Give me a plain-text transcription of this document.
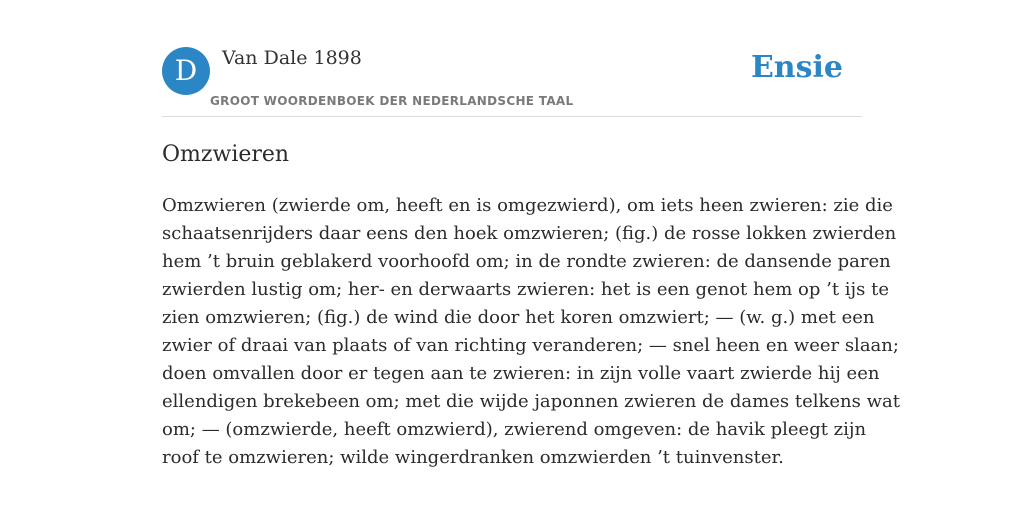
D	Van Dale 1898
GROOT WOORDENBOEK DER NEDERLANDSCHE TAAL
Ensie
Omzwieren
Omzwieren (zwierde om, heeft en is omgezwierd), om iets heen zwieren: zie die
schaatsenrijders daar eens den hoek omzwieren; (fig.) de rosse lokken zwierden
hem ’t bruin geblakerd voorhoofd om; in de rondte zwieren: de dansende paren
zwierden lustig om; her- en derwaarts zwieren: het is een genot hem op ’t ijs te
zien omzwieren; (fig.) de wind die door het koren omzwiert; — (w. g.) met een
zwier of draai van plaats of van richting veranderen; — snel heen en weer slaan;
doen omvallen door er tegen aan te zwieren: in zijn volle vaart zwierde hij een
ellendigen brekebeen om; met die wijde japonnen zwieren de dames telkens wat
om; — (omzwierde, heeft omzwierd), zwierend omgeven: de havik pleegt zijn
roof te omzwieren; wilde wingerdranken omzwierden ’t tuinvenster.
